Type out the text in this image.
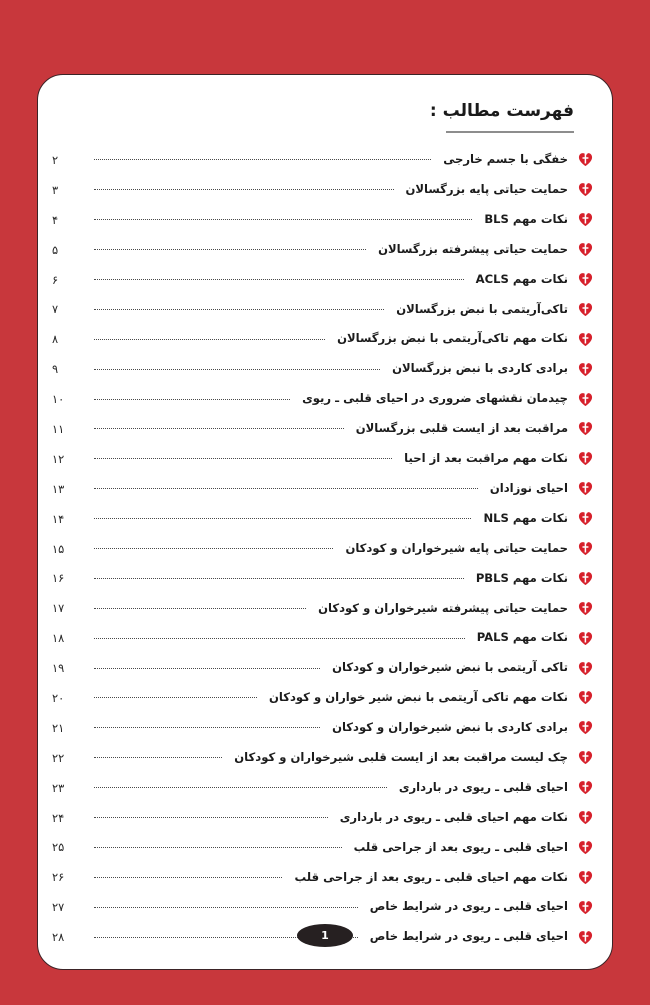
فهرست مطالب :
خفگی با جسم خارجی
۲
حمایت حیاتی پایه بزرگسالان
۳
نکات مهم BLS
۴
حمایت حیاتی پیشرفته بزرگسالان
۵
نکات مهم ACLS
۶
تاکی‌آریتمی با نبض بزرگسالان
۷
نکات مهم تاکی‌آریتمی با نبض بزرگسالان
۸
برادی کاردی با نبض بزرگسالان
۹
چیدمان نقشهای ضروری در احیای قلبی ـ ریوی
۱۰
مراقبت بعد از ایست قلبی بزرگسالان
۱۱
نکات مهم مراقبت بعد از احیا
۱۲
احیای نوزادان
۱۳
نکات مهم NLS
۱۴
حمایت حیاتی پایه شیرخواران و کودکان
۱۵
نکات مهم PBLS
۱۶
حمایت حیاتی پیشرفته شیرخواران و کودکان
۱۷
نکات مهم PALS
۱۸
تاکی آریتمی با نبض شیرخواران و کودکان
۱۹
نکات مهم تاکی آریتمی با نبض شیر خواران و کودکان
۲۰
برادی کاردی با نبض شیرخواران و کودکان
۲۱
چک لیست مراقبت بعد از ایست قلبی شیرخواران و کودکان
۲۲
احیای قلبی ـ ریوی در بارداری
۲۳
نکات مهم احیای قلبی ـ ریوی در بارداری
۲۴
احیای قلبی ـ ریوی بعد از جراحی قلب
۲۵
نکات مهم احیای قلبی ـ ریوی بعد از جراحی قلب
۲۶
احیای قلبی ـ ریوی در شرایط خاص
۲۷
احیای قلبی ـ ریوی در شرایط خاص
۲۸	1
